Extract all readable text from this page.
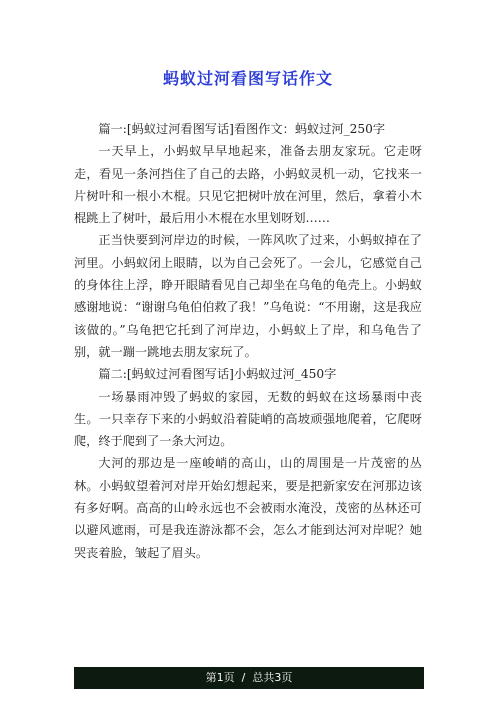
蚂蚁过河看图写话作文

篇一:[蚂蚁过河看图写话]看图作文：蚂蚁过河_250字

一天早上，小蚂蚁早早地起来，准备去朋友家玩。它走呀走，看见一条河挡住了自己的去路，小蚂蚁灵机一动，它找来一片树叶和一根小木棍。只见它把树叶放在河里，然后，拿着小木棍跳上了树叶，最后用小木棍在水里划呀划……

正当快要到河岸边的时候，一阵风吹了过来，小蚂蚁掉在了河里。小蚂蚁闭上眼睛，以为自己会死了。一会儿，它感觉自己的身体往上浮，睁开眼睛看见自己却坐在乌龟的龟壳上。小蚂蚁感谢地说：“谢谢乌龟伯伯救了我！”乌龟说：“不用谢，这是我应该做的。”乌龟把它托到了河岸边，小蚂蚁上了岸，和乌龟告了别，就一蹦一跳地去朋友家玩了。

篇二:[蚂蚁过河看图写话]小蚂蚁过河_450字

一场暴雨冲毁了蚂蚁的家园，无数的蚂蚁在这场暴雨中丧生。一只幸存下来的小蚂蚁沿着陡峭的高坡顽强地爬着，它爬呀爬，终于爬到了一条大河边。

大河的那边是一座峻峭的高山，山的周围是一片茂密的丛林。小蚂蚁望着河对岸开始幻想起来，要是把新家安在河那边该有多好啊。高高的山岭永远也不会被雨水淹没，茂密的丛林还可以避风遮雨，可是我连游泳都不会，怎么才能到达河对岸呢？她哭丧着脸，皱起了眉头。

第1页  /  总共3页
